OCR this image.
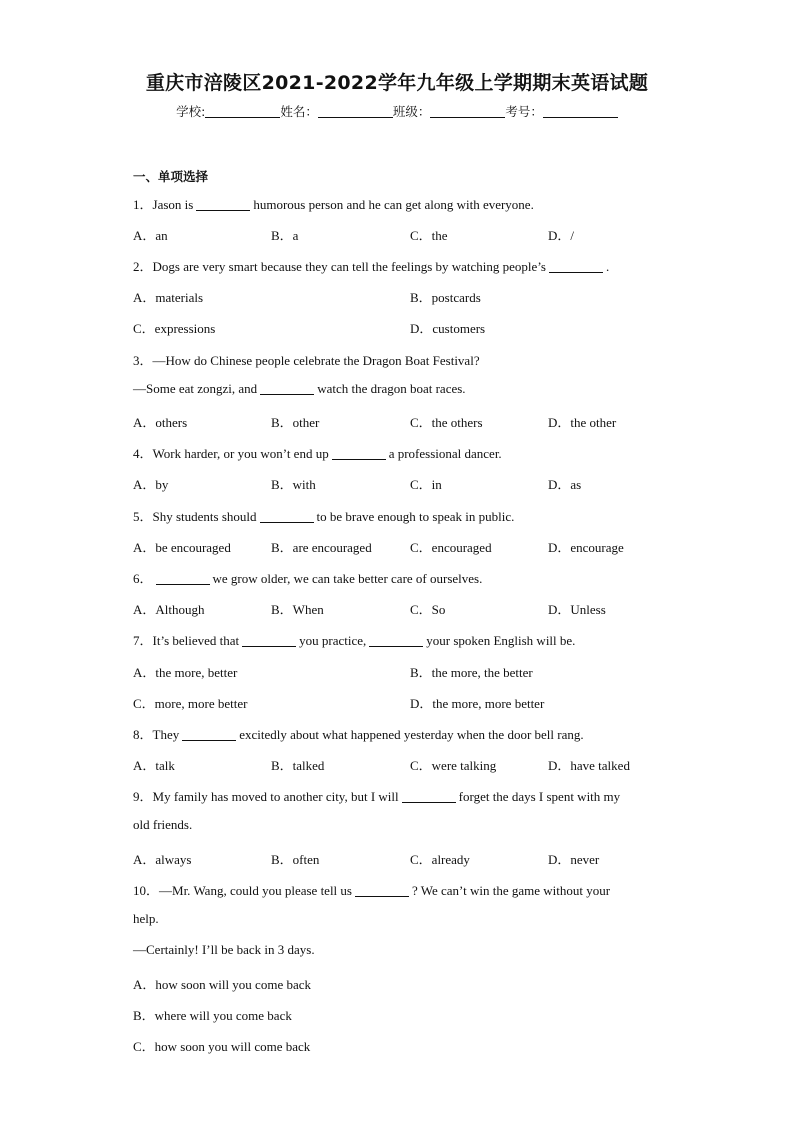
重庆市涪陵区2021-2022学年九年级上学期期末英语试题
学校:	姓名：	班级：	考号：
一、单项选择
1．Jason is	humorous person and he can get along with everyone.
A．an	B．a	C．the	D．/
2．Dogs are very smart because they can tell the feelings by watching people’s	.
A．materials	B．postcards
C．expressions	D．customers
3．—How do Chinese people celebrate the Dragon Boat Festival?
—Some eat zongzi, and	watch the dragon boat races.
A．others	B．other	C．the others	D．the other
4．Work harder, or you won’t end up	a professional dancer.
A．by	B．with	C．in	D．as
5．Shy students should	to be brave enough to speak in public.
A．be encouraged	B．are encouraged	C．encouraged	D．encourage
6．	we grow older, we can take better care of ourselves.
A．Although	B．When	C．So	D．Unless
7．It’s believed that	you practice,	your spoken English will be.
A．the more, better	B．the more, the better
C．more, more better	D．the more, more better
8．They	excitedly about what happened yesterday when the door bell rang.
A．talk	B．talked	C．were talking	D．have talked
9．My family has moved to another city, but I will	forget the days I spent with my
old friends.
A．always	B．often	C．already	D．never
10．—Mr. Wang, could you please tell us	? We can’t win the game without your
help.
—Certainly! I’ll be back in 3 days.
A．how soon will you come back
B．where will you come back
C．how soon you will come back
